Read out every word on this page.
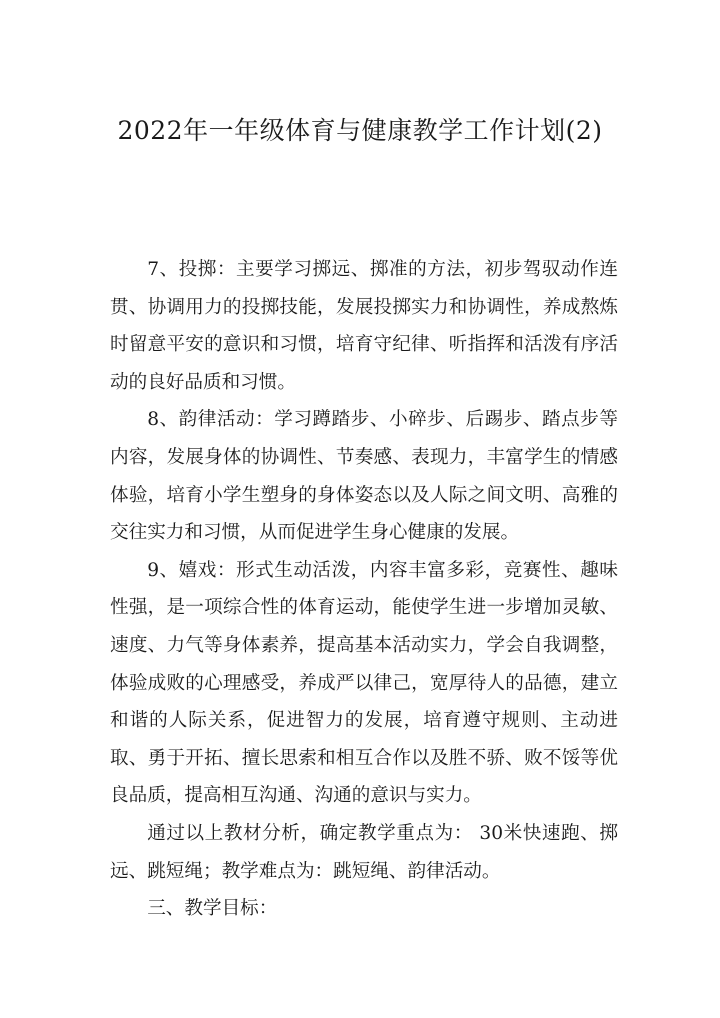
2022年一年级体育与健康教学工作计划(2)

7、投掷：主要学习掷远、掷准的方法，初步驾驭动作连贯、协调用力的投掷技能，发展投掷实力和协调性，养成熬炼时留意平安的意识和习惯，培育守纪律、听指挥和活泼有序活动的良好品质和习惯。

8、韵律活动：学习蹲踏步、小碎步、后踢步、踏点步等内容，发展身体的协调性、节奏感、表现力，丰富学生的情感体验，培育小学生塑身的身体姿态以及人际之间文明、高雅的交往实力和习惯，从而促进学生身心健康的发展。

9、嬉戏：形式生动活泼，内容丰富多彩，竞赛性、趣味性强，是一项综合性的体育运动，能使学生进一步增加灵敏、速度、力气等身体素养，提高基本活动实力，学会自我调整，体验成败的心理感受，养成严以律己，宽厚待人的品德，建立和谐的人际关系，促进智力的发展，培育遵守规则、主动进取、勇于开拓、擅长思索和相互合作以及胜不骄、败不馁等优良品质，提高相互沟通、沟通的意识与实力。

通过以上教材分析，确定教学重点为： 30米快速跑、掷远、跳短绳；教学难点为：跳短绳、韵律活动。

三、教学目标：
